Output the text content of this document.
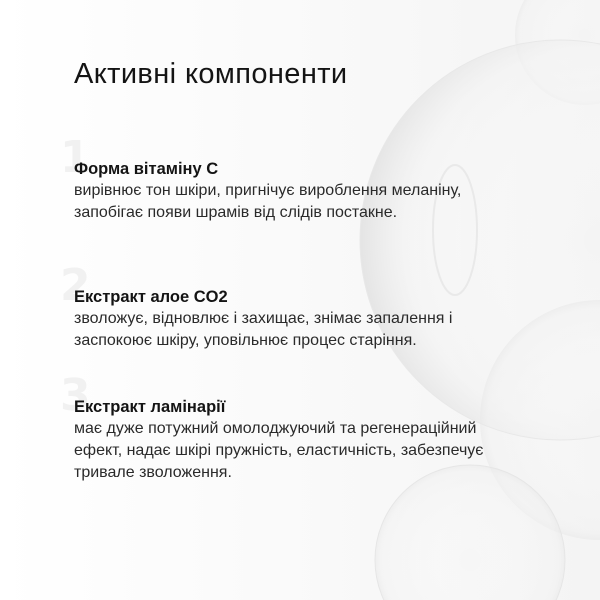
Активні компоненти
1
Форма вітаміну С
вирівнює тон шкіри, пригнічує вироблення меланіну, запобігає появи шрамів від слідів постакне.
2
Екстракт алое CO2
зволожує, відновлює і захищає, знімає запалення і заспокоює шкіру, уповільнює процес старіння.
3
Екстракт ламінарії
має дуже потужний омолоджуючий та регенераційний ефект, надає шкірі пружність, еластичність, забезпечує тривале зволоження.
